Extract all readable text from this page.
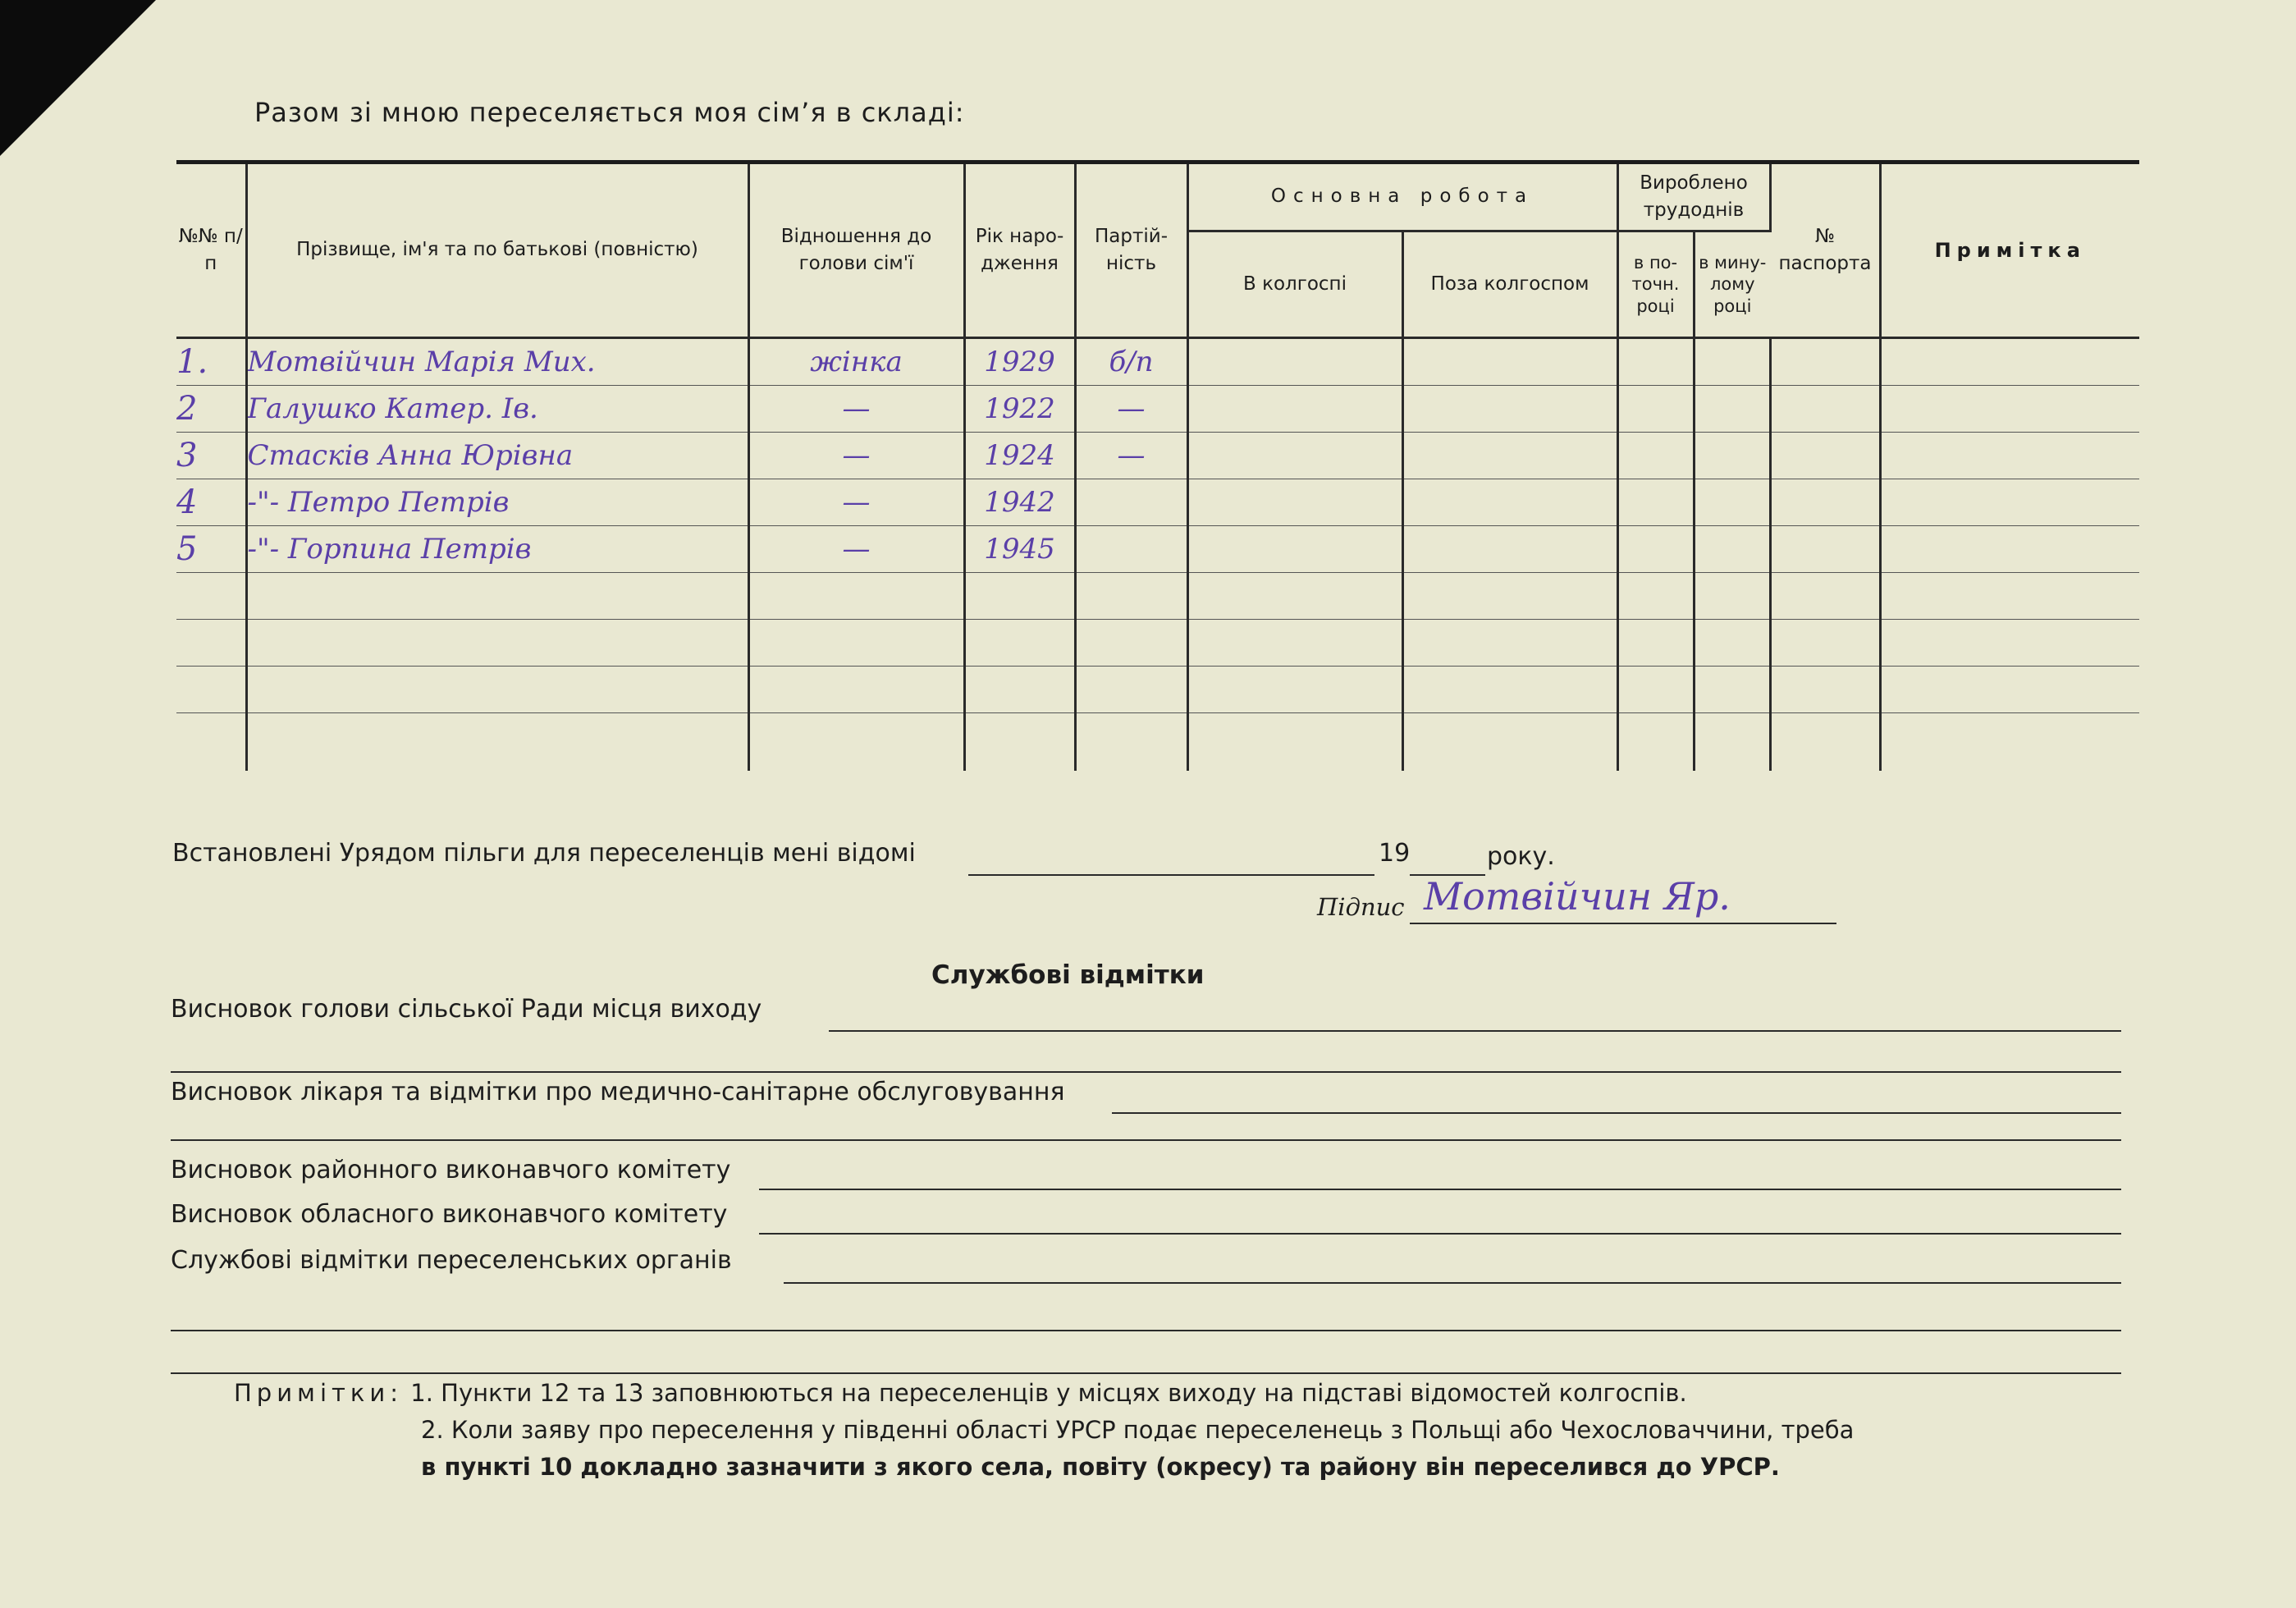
Разом зі мною переселяється моя сім’я в складі:
№№ п/п	Прізвище, ім'я та по батькові (повністю)	Відношення до голови сім'ї	Рік наро- дження	Партій- ність	Основна робота		Вироблено трудоднів		№ паспорта	Примітка
					В колгоспі	Поза колгоспом	в по- точн. році	в мину- лому році		
1.	Мотвійчин Марія Мих.	жінка	1929	б/п						
2	Галушко Катер. Ів.	—	1922	—						
3	Стасків Анна Юрівна	—	1924	—						
4	-"- Петро Петрів	—	1942							
5	-"- Горпина Петрів	—	1945							

Встановлені Урядом пільги для переселенців мені відомі	19	року.
Підпис Мотвійчин Яр.
Службові відмітки
Висновок голови сільської Ради місця виходу
Висновок лікаря та відмітки про медично-санітарне обслуговування
Висновок районного виконавчого комітету
Висновок обласного виконавчого комітету
Службові відмітки переселенських органів
Примітки: 1. Пункти 12 та 13 заповнюються на переселенців у місцях виходу на підставі відомостей колгоспів.
2. Коли заяву про переселення у південні області УРСР подає переселенець з Польщі або Чехословаччини, треба
в пункті 10 докладно зазначити з якого села, повіту (окресу) та району він переселився до УРСР.
